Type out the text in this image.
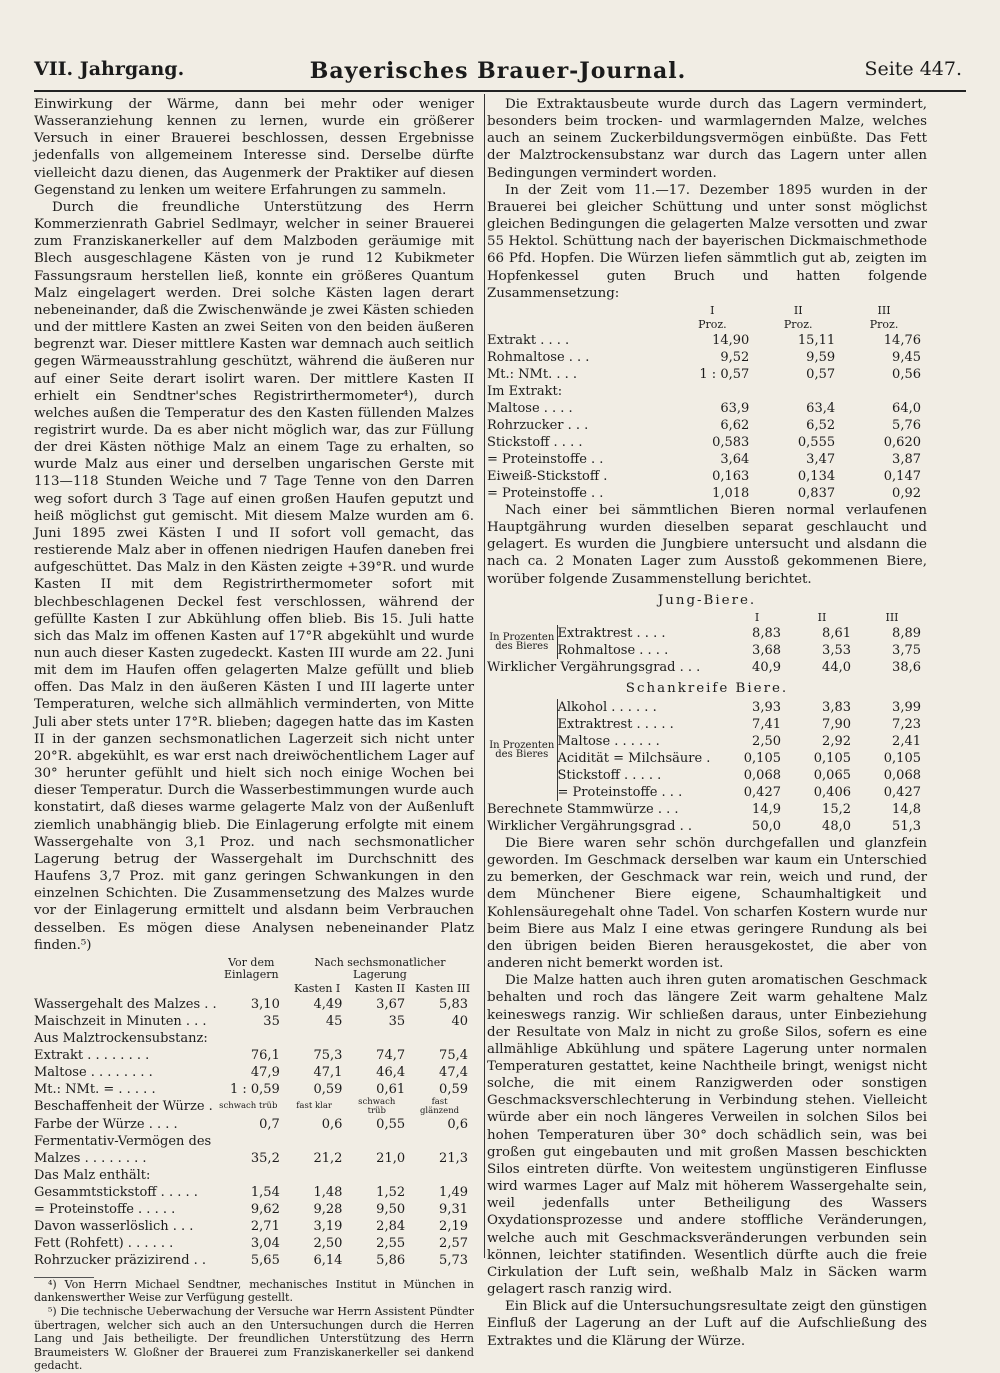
VII. Jahrgang.	Bayerisches Brauer-Journal.	Seite 447.

Einwirkung der Wärme, dann bei mehr oder weniger Wasseranziehung kennen zu lernen, wurde ein größerer Versuch in einer Brauerei beschlossen, dessen Ergebnisse jedenfalls von allgemeinem Interesse sind. Derselbe dürfte vielleicht dazu dienen, das Augenmerk der Praktiker auf diesen Gegenstand zu lenken um weitere Erfahrungen zu sammeln.

Durch die freundliche Unterstützung des Herrn Kommerzienrath Gabriel Sedlmayr, welcher in seiner Brauerei zum Franziskanerkeller auf dem Malzboden geräumige mit Blech ausgeschlagene Kästen von je rund 12 Kubikmeter Fassungsraum herstellen ließ, konnte ein größeres Quantum Malz eingelagert werden. Drei solche Kästen lagen derart nebeneinander, daß die Zwischenwände je zwei Kästen schieden und der mittlere Kasten an zwei Seiten von den beiden äußeren begrenzt war. Dieser mittlere Kasten war demnach auch seitlich gegen Wärmeausstrahlung geschützt, während die äußeren nur auf einer Seite derart isolirt waren. Der mittlere Kasten II erhielt ein Sendtner'sches Registrirthermometer⁴), durch welches außen die Temperatur des den Kasten füllenden Malzes registrirt wurde. Da es aber nicht möglich war, das zur Füllung der drei Kästen nöthige Malz an einem Tage zu erhalten, so wurde Malz aus einer und derselben ungarischen Gerste mit 113—118 Stunden Weiche und 7 Tage Tenne von den Darren weg sofort durch 3 Tage auf einen großen Haufen geputzt und heiß möglichst gut gemischt. Mit diesem Malze wurden am 6. Juni 1895 zwei Kästen I und II sofort voll gemacht, das restierende Malz aber in offenen niedrigen Haufen daneben frei aufgeschüttet. Das Malz in den Kästen zeigte +39°R. und wurde Kasten II mit dem Registrirthermometer sofort mit blechbeschlagenen Deckel fest verschlossen, während der gefüllte Kasten I zur Abkühlung offen blieb. Bis 15. Juli hatte sich das Malz im offenen Kasten auf 17°R abgekühlt und wurde nun auch dieser Kasten zugedeckt. Kasten III wurde am 22. Juni mit dem im Haufen offen gelagerten Malze gefüllt und blieb offen. Das Malz in den äußeren Kästen I und III lagerte unter Temperaturen, welche sich allmählich verminderten, von Mitte Juli aber stets unter 17°R. blieben; dagegen hatte das im Kasten II in der ganzen sechsmonatlichen Lagerzeit sich nicht unter 20°R. abgekühlt, es war erst nach dreiwöchentlichem Lager auf 30° herunter gefühlt und hielt sich noch einige Wochen bei dieser Temperatur. Durch die Wasserbestimmungen wurde auch konstatirt, daß dieses warme gelagerte Malz von der Außenluft ziemlich unabhängig blieb. Die Einlagerung erfolgte mit einem Wassergehalte von 3,1 Proz. und nach sechsmonatlicher Lagerung betrug der Wassergehalt im Durchschnitt des Haufens 3,7 Proz. mit ganz geringen Schwankungen in den einzelnen Schichten. Die Zusammensetzung des Malzes wurde vor der Einlagerung ermittelt und alsdann beim Verbrauchen desselben. Es mögen diese Analysen nebeneinander Platz finden.⁵)

	Vor dem Einlagern	Nach sechsmonatlicher Lagerung		
		Kasten I	Kasten II	Kasten III
Wassergehalt des Malzes . .	3,10	4,49	3,67	5,83
Maischzeit in Minuten . . .	35	45	35	40
Aus Malztrockensubstanz:				
Extrakt . . . . . . . .	76,1	75,3	74,7	75,4
Maltose . . . . . . . .	47,9	47,1	46,4	47,4
Mt.: NMt. = . . . . .	1 : 0,59	0,59	0,61	0,59
Beschaffenheit der Würze .	schwach trüb	fast klar	schwach trüb	fast glänzend
Farbe der Würze . . . .	0,7	0,6	0,55	0,6
Fermentativ-Vermögen des				
Malzes . . . . . . . .	35,2	21,2	21,0	21,3
Das Malz enthält:				
Gesammtstickstoff . . . . .	1,54	1,48	1,52	1,49
= Proteinstoffe . . . . .	9,62	9,28	9,50	9,31
Davon wasserlöslich . . .	2,71	3,19	2,84	2,19
Fett (Rohfett) . . . . . .	3,04	2,50	2,55	2,57
Rohrzucker präzizirend . .	5,65	6,14	5,86	5,73

⁴) Von Herrn Michael Sendtner, mechanisches Institut in München in dankenswerther Weise zur Verfügung gestellt.

⁵) Die technische Ueberwachung der Versuche war Herrn Assistent Pündter übertragen, welcher sich auch an den Untersuchungen durch die Herren Lang und Jais betheiligte. Der freundlichen Unterstützung des Herrn Braumeisters W. Gloßner der Brauerei zum Franziskanerkeller sei dankend gedacht.

Die Extraktausbeute wurde durch das Lagern vermindert, besonders beim trocken- und warmlagernden Malze, welches auch an seinem Zuckerbildungsvermögen einbüßte. Das Fett der Malztrockensubstanz war durch das Lagern unter allen Bedingungen vermindert worden.

In der Zeit vom 11.—17. Dezember 1895 wurden in der Brauerei bei gleicher Schüttung und unter sonst möglichst gleichen Bedingungen die gelagerten Malze versotten und zwar 55 Hektol. Schüttung nach der bayerischen Dickmaischmethode 66 Pfd. Hopfen. Die Würzen liefen sämmtlich gut ab, zeigten im Hopfenkessel guten Bruch und hatten folgende Zusammensetzung:

	I	II	III
	Proz.	Proz.	Proz.
Extrakt . . . .	14,90	15,11	14,76
Rohmaltose . . .	9,52	9,59	9,45
Mt.: NMt. . . .	1 : 0,57	0,57	0,56
Im Extrakt:			
Maltose . . . .	63,9	63,4	64,0
Rohrzucker . . .	6,62	6,52	5,76
Stickstoff . . . .	0,583	0,555	0,620
= Proteinstoffe . .	3,64	3,47	3,87
Eiweiß-Stickstoff .	0,163	0,134	0,147
= Proteinstoffe . .	1,018	0,837	0,92

Nach einer bei sämmtlichen Bieren normal verlaufenen Hauptgährung wurden dieselben separat geschlaucht und gelagert. Es wurden die Jungbiere untersucht und alsdann die nach ca. 2 Monaten Lager zum Ausstoß gekommenen Biere, worüber folgende Zusammenstellung berichtet.

Jung-Biere.
		I	II	III
In Prozenten des Bieres	Extraktrest . . . .	8,83	8,61	8,89
	Rohmaltose . . . .	3,68	3,53	3,75
Wirklicher Vergährungsgrad . . .		40,9	44,0	38,6
Schankreife Biere.
In Prozenten des Bieres	Alkohol . . . . . .	3,93	3,83	3,99
	Extraktrest . . . . .	7,41	7,90	7,23
	Maltose . . . . . .	2,50	2,92	2,41
	Acidität = Milchsäure .	0,105	0,105	0,105
	Stickstoff . . . . .	0,068	0,065	0,068
	= Proteinstoffe . . .	0,427	0,406	0,427
Berechnete Stammwürze . . .		14,9	15,2	14,8
Wirklicher Vergährungsgrad . .		50,0	48,0	51,3

Die Biere waren sehr schön durchgefallen und glanzfein geworden. Im Geschmack derselben war kaum ein Unterschied zu bemerken, der Geschmack war rein, weich und rund, der dem Münchener Biere eigene, Schaumhaltigkeit und Kohlensäuregehalt ohne Tadel. Von scharfen Kostern wurde nur beim Biere aus Malz I eine etwas geringere Rundung als bei den übrigen beiden Bieren herausgekostet, die aber von anderen nicht bemerkt worden ist.

Die Malze hatten auch ihren guten aromatischen Geschmack behalten und roch das längere Zeit warm gehaltene Malz keineswegs ranzig. Wir schließen daraus, unter Einbeziehung der Resultate von Malz in nicht zu große Silos, sofern es eine allmählige Abkühlung und spätere Lagerung unter normalen Temperaturen gestattet, keine Nachtheile bringt, wenigst nicht solche, die mit einem Ranzigwerden oder sonstigen Geschmacksverschlechterung in Verbindung stehen. Vielleicht würde aber ein noch längeres Verweilen in solchen Silos bei hohen Temperaturen über 30° doch schädlich sein, was bei großen gut eingebauten und mit großen Massen beschickten Silos eintreten dürfte. Von weitestem ungünstigeren Einflusse wird warmes Lager auf Malz mit höherem Wassergehalte sein, weil jedenfalls unter Betheiligung des Wassers Oxydationsprozesse und andere stoffliche Veränderungen, welche auch mit Geschmacksveränderungen verbunden sein können, leichter statifinden. Wesentlich dürfte auch die freie Cirkulation der Luft sein, weßhalb Malz in Säcken warm gelagert rasch ranzig wird.

Ein Blick auf die Untersuchungsresultate zeigt den günstigen Einfluß der Lagerung an der Luft auf die Aufschließung des Extraktes und die Klärung der Würze.
